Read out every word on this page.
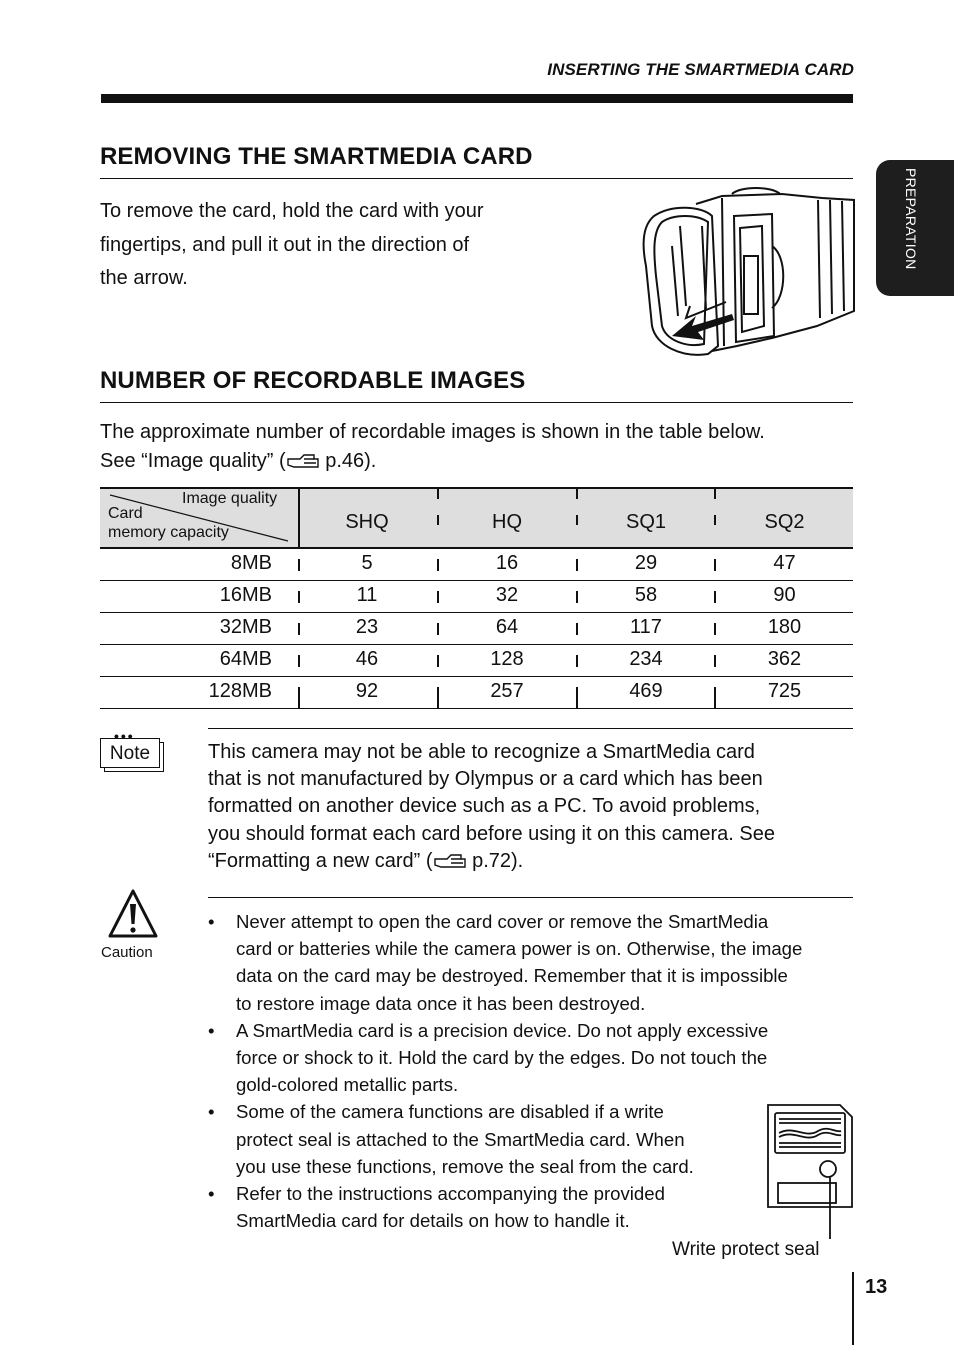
INSERTING THE SMARTMEDIA CARD
PREPARATION
REMOVING THE SMARTMEDIA CARD
To remove the card, hold the card with your
fingertips, and pull it out in the direction of
the arrow.
NUMBER OF RECORDABLE IMAGES
The approximate number of recordable images is shown in the table below.
See “Image quality” ( p.46).
Image quality
Card
memory capacity	SHQ	HQ	SQ1	SQ2
8MB	5	16	29	47
16MB	11	32	58	90
32MB	23	64	117	180
64MB	46	128	234	362
128MB	92	257	469	725
Note
•••
This camera may not be able to recognize a SmartMedia card
that is not manufactured by Olympus or a card which has been
formatted on another device such as a PC. To avoid problems,
you should format each card before using it on this camera. See
“Formatting a new card” ( p.72).
Caution
• Never attempt to open the card cover or remove the SmartMedia
card or batteries while the camera power is on. Otherwise, the image
data on the card may be destroyed. Remember that it is impossible
to restore image data once it has been destroyed.
• A SmartMedia card is a precision device. Do not apply excessive
force or shock to it. Hold the card by the edges. Do not touch the
gold-colored metallic parts.
• Some of the camera functions are disabled if a write
protect seal is attached to the SmartMedia card. When
you use these functions, remove the seal from the card.
• Refer to the instructions accompanying the provided
SmartMedia card for details on how to handle it.
Write protect seal
13
